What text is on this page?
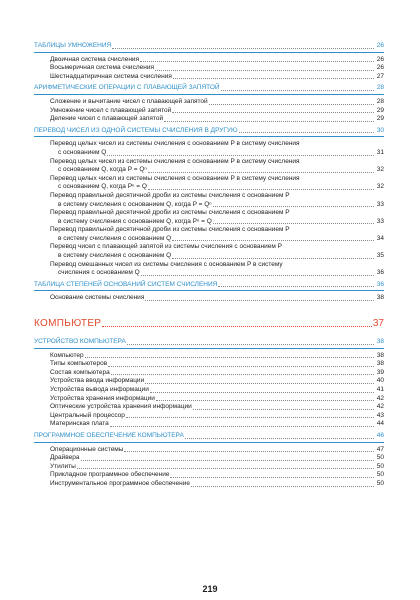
ТАБЛИЦЫ УМНОЖЕНИЯ	26
Двоичная система счисления	26
Восьмеричная система счисления	26
Шестнадцатиричная система счисления	27
АРИФМЕТИЧЕСКИЕ ОПЕРАЦИИ С ПЛАВАЮЩЕЙ ЗАПЯТОЙ	28
Сложение и вычитание чисел с плавающей запятой	28
Умножение чисел с плавающей запятой	29
Деление чисел с плавающей запятой	29
ПЕРЕВОД ЧИСЕЛ ИЗ ОДНОЙ СИСТЕМЫ СЧИСЛЕНИЯ В ДРУГУЮ	30
Перевод целых чисел из системы счисления с основанием P в систему счисления
с основанием Q	31
Перевод целых чисел из системы счисления с основанием P в систему счисления
с основанием Q, когда P = Qⁿ	32
Перевод целых чисел из системы счисления с основанием P в систему счисления
с основанием Q, когда Pⁿ = Q	32
Перевод правильной десятичной дроби из системы счисления с основанием P
в систему счисления с основанием Q, когда P = Qⁿ	33
Перевод правильной десятичной дроби из системы счисления с основанием P
в систему счисления с основанием Q, когда Pⁿ = Q	33
Перевод правильной десятичной дроби из системы счисления с основанием P
в систему счисления с основанием Q	34
Перевод чисел с плавающей запятой из системы счисления с основанием P
в систему счисления с основанием Q	35
Перевод смешанных чисел из системы счисления с основанием P в систему
счисления с основанием Q	36
ТАБЛИЦА СТЕПЕНЕЙ ОСНОВАНИЙ СИСТЕМ СЧИСЛЕНИЯ	36
Основание системы счисления	38
КОМПЬЮТЕР	37
УСТРОЙСТВО КОМПЬЮТЕРА	38
Компьютер	38
Типы компьютеров	38
Состав компьютера	39
Устройства ввода информации	40
Устройства вывода информации	41
Устройства хранения информации	42
Оптические устройства хранения информации	42
Центральный процессор	43
Материнская плата	44
ПРОГРАММНОЕ ОБЕСПЕЧЕНИЕ КОМПЬЮТЕРА	46
Операционные системы	47
Драйвера	50
Утилиты	50
Прикладное программное обеспечение	50
Инструментальное программное обеспечение	50
219
